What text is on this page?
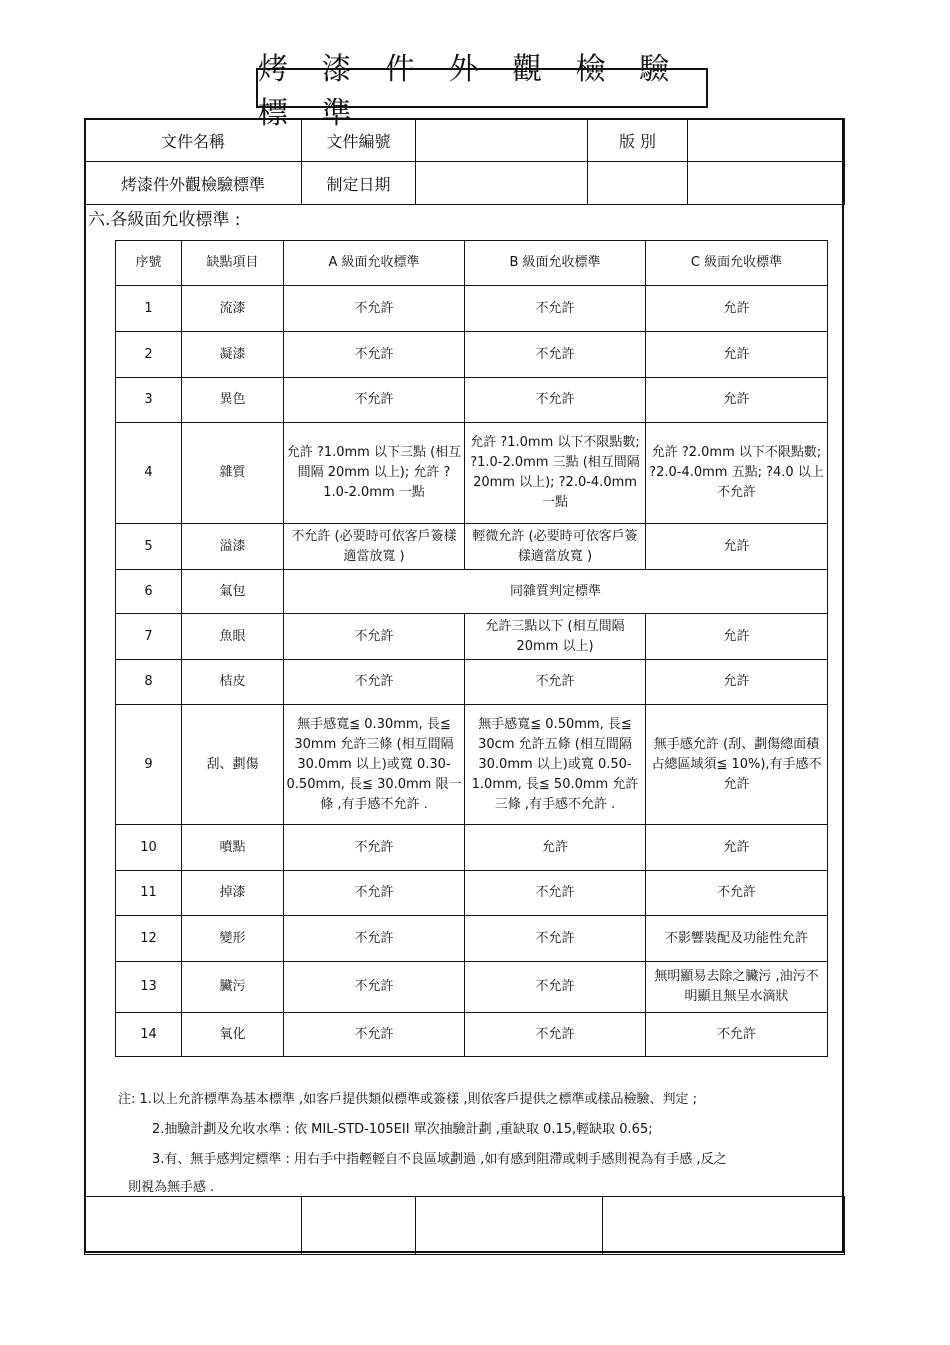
烤 漆 件 外 觀 檢 驗 標 準
文件名稱	文件編號		版 別	
烤漆件外觀檢驗標準	制定日期			
六.各級面允收標準 :
序號	缺點項目	A 級面允收標準	B 級面允收標準	C 級面允收標準
1	流漆	不允許	不允許	允許
2	凝漆	不允許	不允許	允許
3	異色	不允許	不允許	允許
4	雜質	允許 ?1.0mm 以下三點 (相互間隔 20mm 以上); 允許 ?1.0-2.0mm 一點	允許 ?1.0mm 以下不限點數; ?1.0-2.0mm 三點 (相互間隔 20mm 以上); ?2.0-4.0mm 一點	允許 ?2.0mm 以下不限點數; ?2.0-4.0mm 五點; ?4.0 以上不允許
5	溢漆	不允許 (必要時可依客戶簽樣適當放寬 )	輕微允許 (必要時可依客戶簽樣適當放寬 )	允許
6	氣包	同雜質判定標準		
7	魚眼	不允許	允許三點以下 (相互間隔 20mm 以上)	允許
8	桔皮	不允許	不允許	允許
9	刮、劃傷	無手感寬≦ 0.30mm, 長≦ 30mm 允許三條 (相互間隔 30.0mm 以上)或寬 0.30-0.50mm, 長≦ 30.0mm 限一條 ,有手感不允許 .	無手感寬≦ 0.50mm, 長≦ 30cm 允許五條 (相互間隔 30.0mm 以上)或寬 0.50-1.0mm, 長≦ 50.0mm 允許三條 ,有手感不允許 .	無手感允許 (刮、劃傷總面積占總區域須≦ 10%),有手感不允許
10	噴點	不允許	允許	允許
11	掉漆	不允許	不允許	不允許
12	變形	不允許	不允許	不影響裝配及功能性允許
13	臟污	不允許	不允許	無明顯易去除之臟污 ,油污不明顯且無呈水滴狀
14	氧化	不允許	不允許	不允許
注: 1.以上允許標準為基本標準 ,如客戶提供類似標準或簽樣 ,則依客戶提供之標準或樣品檢驗、判定 ;
2.抽驗計劃及允收水準 : 依 MIL-STD-105EII 單次抽驗計劃 ,重缺取 0.15,輕缺取 0.65;
3.有、無手感判定標準 : 用右手中指輕輕自不良區域劃過 ,如有感到阻滯或刺手感則視為有手感 ,反之
則視為無手感 .
